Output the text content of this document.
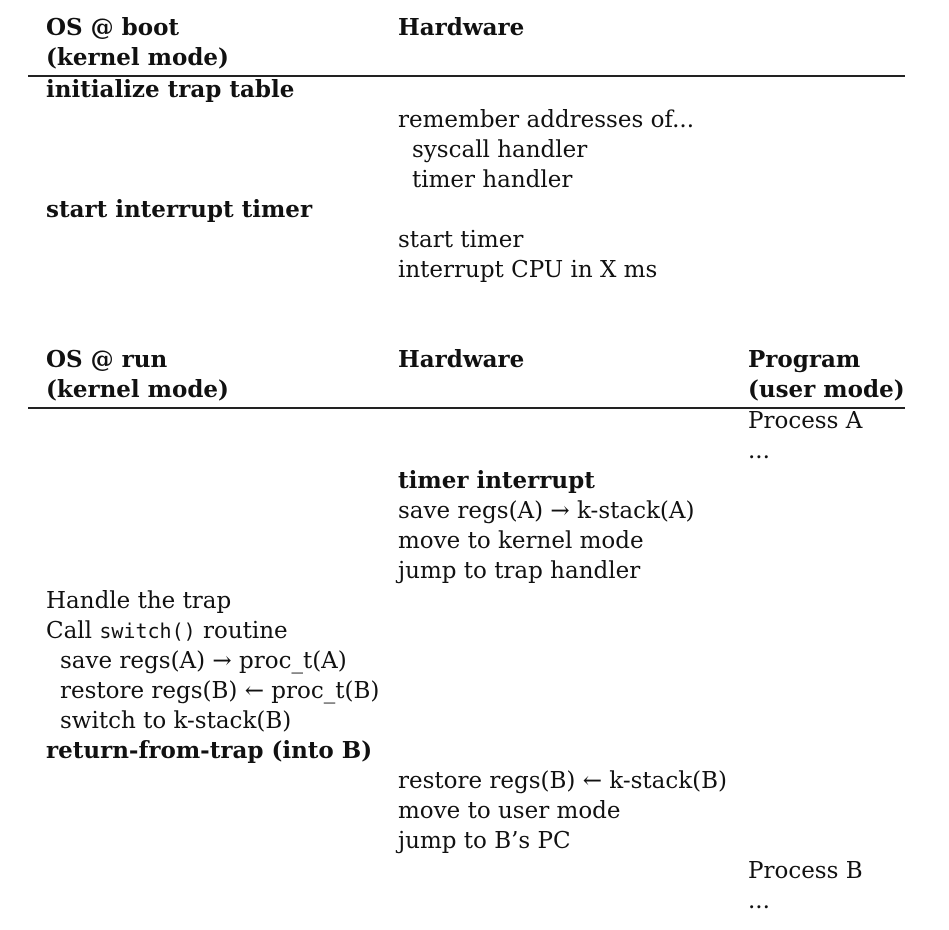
OS @ boot
(kernel mode)
Hardware
initialize trap table
remember addresses of...
syscall handler
timer handler
start interrupt timer
start timer
interrupt CPU in X ms
OS @ run
(kernel mode)
Hardware	Program
(user mode)
Process A
...
timer interrupt
save regs(A) → k-stack(A)
move to kernel mode
jump to trap handler
Handle the trap
Call switch() routine
save regs(A) → proc_t(A)
restore regs(B) ← proc_t(B)
switch to k-stack(B)
return-from-trap (into B)
restore regs(B) ← k-stack(B)
move to user mode
jump to B’s PC
Process B
...
